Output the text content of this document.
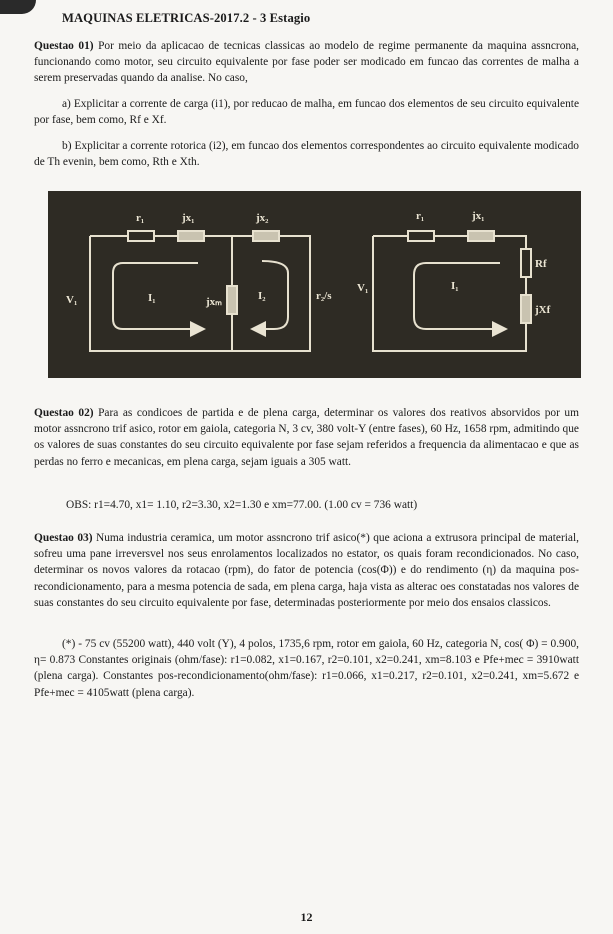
MAQUINAS ELETRICAS-2017.2 - 3 Estagio
Questao 01) Por meio da aplicacao de tecnicas classicas ao modelo de regime permanente da maquina assncrona, funcionando como motor, seu circuito equivalente por fase poder ser modicado em funcao das correntes de malha a serem preservadas quando da analise. No caso,
a) Explicitar a corrente de carga (i1), por reducao de malha, em funcao dos elementos de seu circuito equivalente por fase, bem como, Rf e Xf.
b) Explicitar a corrente rotorica (i2), em funcao dos elementos correspondentes ao circuito equivalente modicado de Th evenin, bem como, Rth e Xth.
r₁	jx₁	jx₂
V₁	I₁	jxₘ	I₂	r₂/s
r₁	jx₁
V₁	I₁
Rf
jXf
Questao 02) Para as condicoes de partida e de plena carga, determinar os valores dos reativos absorvidos por um motor assncrono trif asico, rotor em gaiola, categoria N, 3 cv, 380 volt-Y (entre fases), 60 Hz, 1658 rpm, admitindo que os valores de suas constantes do seu circuito equivalente por fase sejam referidos a frequencia da alimentacao e que as perdas no ferro e mecanicas, em plena carga, sejam iguais a 305 watt.
OBS: r1=4.70, x1= 1.10, r2=3.30, x2=1.30 e xm=77.00. (1.00 cv = 736 watt)
Questao 03) Numa industria ceramica, um motor assncrono trif asico(*) que aciona a extrusora principal de material, sofreu uma pane irreversvel nos seus enrolamentos localizados no estator, os quais foram recondicionados. No caso, determinar os novos valores da rotacao (rpm), do fator de potencia (cos(Φ)) e do rendimento (η) da maquina pos-recondicionamento, para a mesma potencia de sada, em plena carga, haja vista as alterac oes constatadas nos valores de suas constantes do seu circuito equivalente por fase, determinadas posteriormente por meio dos ensaios classicos.
(*) - 75 cv (55200 watt), 440 volt (Y), 4 polos, 1735,6 rpm, rotor em gaiola, 60 Hz, categoria N, cos( Φ) = 0.900, η= 0.873 Constantes originais (ohm/fase): r1=0.082, x1=0.167, r2=0.101, x2=0.241, xm=8.103 e Pfe+mec = 3910watt (plena carga). Constantes pos-recondicionamento(ohm/fase): r1=0.066, x1=0.217, r2=0.101, x2=0.241, xm=5.672 e Pfe+mec = 4105watt (plena carga).
12
